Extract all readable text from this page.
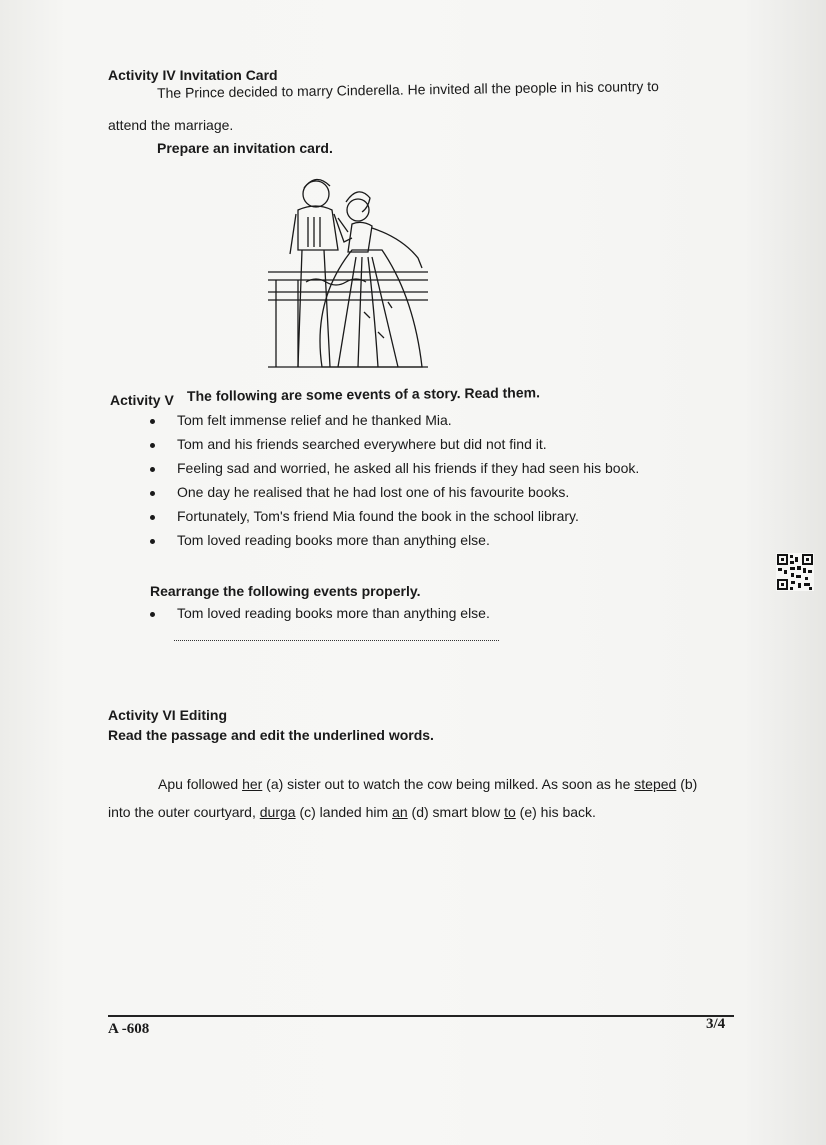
Activity IV Invitation Card
The Prince decided to marry Cinderella. He invited all the people in his country to
attend the marriage.
Prepare an invitation card.
Activity V The following are some events of a story. Read them.
Tom felt immense relief and he thanked Mia.
Tom and his friends searched everywhere but did not find it.
Feeling sad and worried, he asked all his friends if they had seen his book.
One day he realised that he had lost one of his favourite books.
Fortunately, Tom's friend Mia found the book in the school library.
Tom loved reading books more than anything else.
Rearrange the following events properly.
Tom loved reading books more than anything else.
Activity VI Editing
Read the passage and edit the underlined words.
Apu followed her (a) sister out to watch the cow being milked. As soon as he steped (b)
into the outer courtyard, durga (c) landed him an (d) smart blow to (e) his back.
A -608	3/4
